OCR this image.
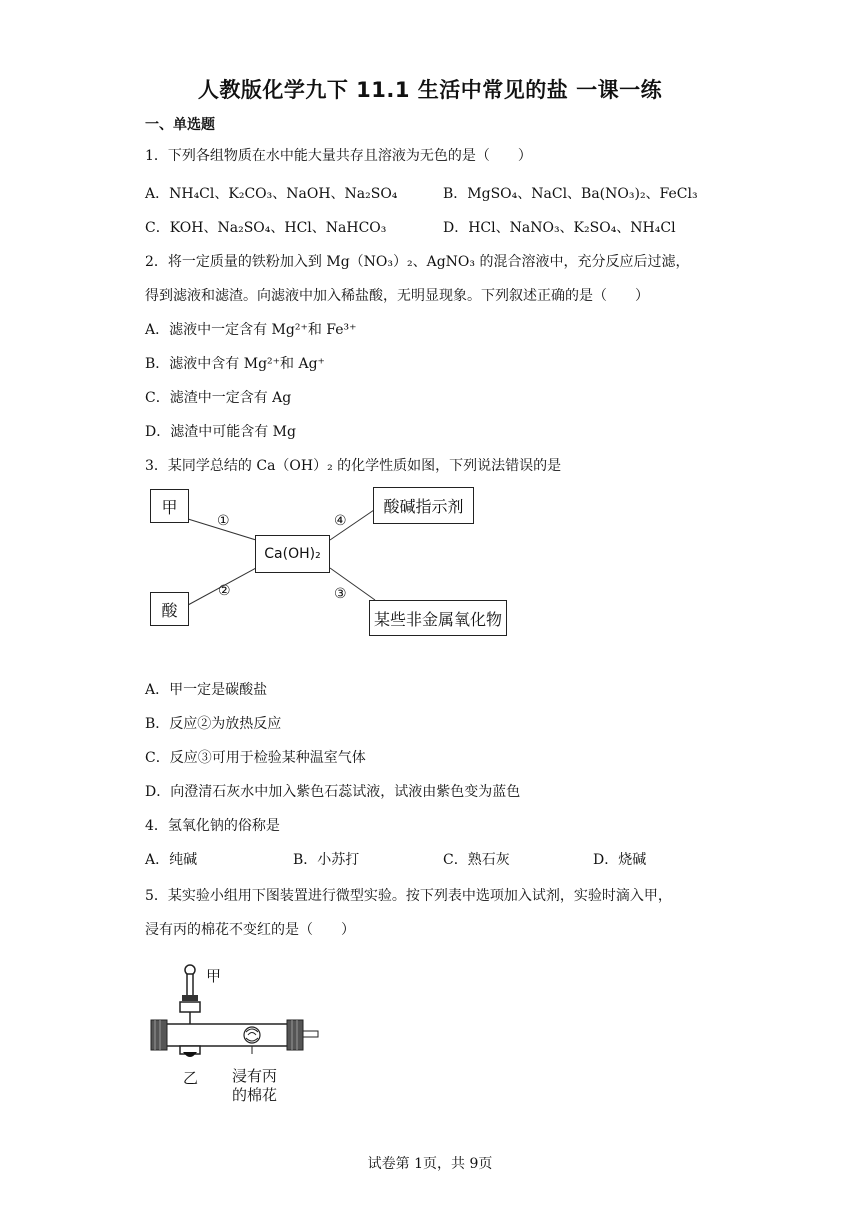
人教版化学九下 11.1 生活中常见的盐 一课一练
一、单选题
1．下列各组物质在水中能大量共存且溶液为无色的是（　　）
A．NH₄Cl、K₂CO₃、NaOH、Na₂SO₄	B．MgSO₄、NaCl、Ba(NO₃)₂、FeCl₃
C．KOH、Na₂SO₄、HCl、NaHCO₃	D．HCl、NaNO₃、K₂SO₄、NH₄Cl
2．将一定质量的铁粉加入到 Mg（NO₃）₂、AgNO₃ 的混合溶液中，充分反应后过滤，
得到滤液和滤渣。向滤液中加入稀盐酸，无明显现象。下列叙述正确的是（　　）
A．滤液中一定含有 Mg²⁺和 Fe³⁺
B．滤液中含有 Mg²⁺和 Ag⁺
C．滤渣中一定含有 Ag
D．滤渣中可能含有 Mg
3．某同学总结的 Ca（OH）₂ 的化学性质如图，下列说法错误的是
甲
酸
Ca(OH)₂
酸碱指示剂
某些非金属氧化物
①
②	③
④
A．甲一定是碳酸盐
B．反应②为放热反应
C．反应③可用于检验某种温室气体
D．向澄清石灰水中加入紫色石蕊试液，试液由紫色变为蓝色
4．氢氧化钠的俗称是
A．纯碱	B．小苏打	C．熟石灰	D．烧碱
5．某实验小组用下图装置进行微型实验。按下列表中选项加入试剂，实验时滴入甲，
浸有丙的棉花不变红的是（　　）
甲
乙 浸有丙
的棉花
试卷第 1页，共 9页
